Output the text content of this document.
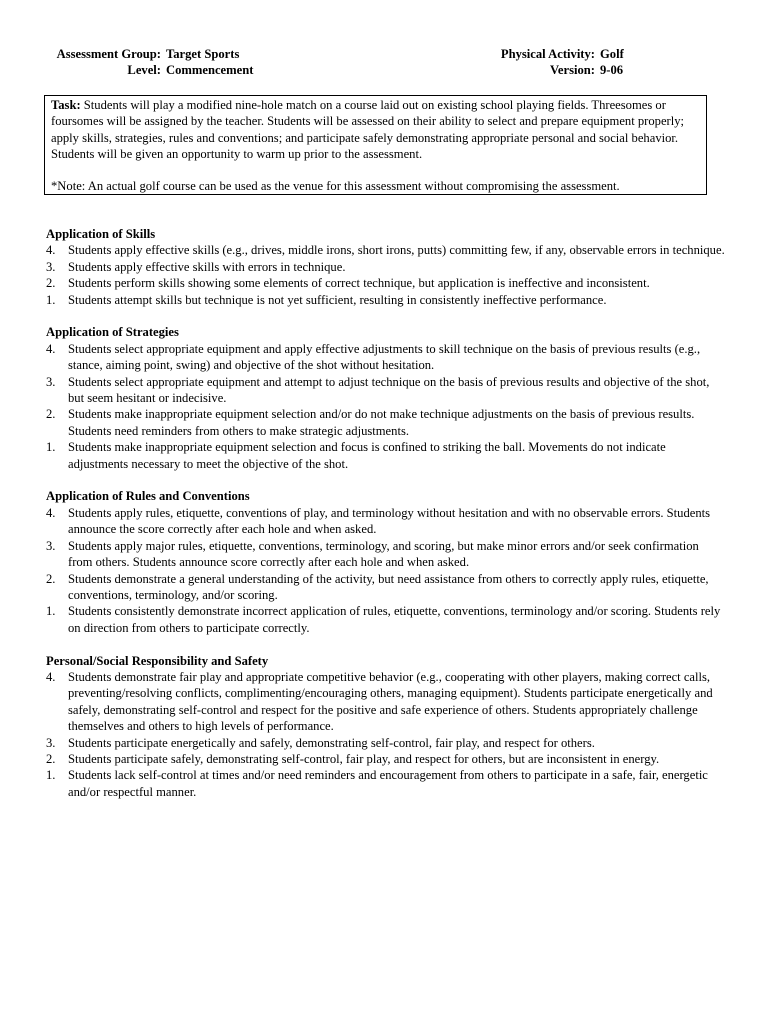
Assessment Group: Target Sports
Level: Commencement
Physical Activity: Golf
Version: 9-06

Task: Students will play a modified nine-hole match on a course laid out on existing school playing fields. Threesomes or foursomes will be assigned by the teacher. Students will be assessed on their ability to select and prepare equipment properly; apply skills, strategies, rules and conventions; and participate safely demonstrating appropriate personal and social behavior. Students will be given an opportunity to warm up prior to the assessment.

*Note: An actual golf course can be used as the venue for this assessment without compromising the assessment.

Application of Skills
4. Students apply effective skills (e.g., drives, middle irons, short irons, putts) committing few, if any, observable errors in technique.
3. Students apply effective skills with errors in technique.
2. Students perform skills showing some elements of correct technique, but application is ineffective and inconsistent.
1. Students attempt skills but technique is not yet sufficient, resulting in consistently ineffective performance.
Application of Strategies
4. Students select appropriate equipment and apply effective adjustments to skill technique on the basis of previous results (e.g., stance, aiming point, swing) and objective of the shot without hesitation.
3. Students select appropriate equipment and attempt to adjust technique on the basis of previous results and objective of the shot, but seem hesitant or indecisive.
2. Students make inappropriate equipment selection and/or do not make technique adjustments on the basis of previous results. Students need reminders from others to make strategic adjustments.
1. Students make inappropriate equipment selection and focus is confined to striking the ball. Movements do not indicate adjustments necessary to meet the objective of the shot.
Application of Rules and Conventions
4. Students apply rules, etiquette, conventions of play, and terminology without hesitation and with no observable errors. Students announce the score correctly after each hole and when asked.
3. Students apply major rules, etiquette, conventions, terminology, and scoring, but make minor errors and/or seek confirmation from others. Students announce score correctly after each hole and when asked.
2. Students demonstrate a general understanding of the activity, but need assistance from others to correctly apply rules, etiquette, conventions, terminology, and/or scoring.
1. Students consistently demonstrate incorrect application of rules, etiquette, conventions, terminology and/or scoring. Students rely on direction from others to participate correctly.
Personal/Social Responsibility and Safety
4. Students demonstrate fair play and appropriate competitive behavior (e.g., cooperating with other players, making correct calls, preventing/resolving conflicts, complimenting/encouraging others, managing equipment). Students participate energetically and safely, demonstrating self-control and respect for the positive and safe experience of others. Students appropriately challenge themselves and others to high levels of performance.
3. Students participate energetically and safely, demonstrating self-control, fair play, and respect for others.
2. Students participate safely, demonstrating self-control, fair play, and respect for others, but are inconsistent in energy.
1. Students lack self-control at times and/or need reminders and encouragement from others to participate in a safe, fair, energetic and/or respectful manner.
